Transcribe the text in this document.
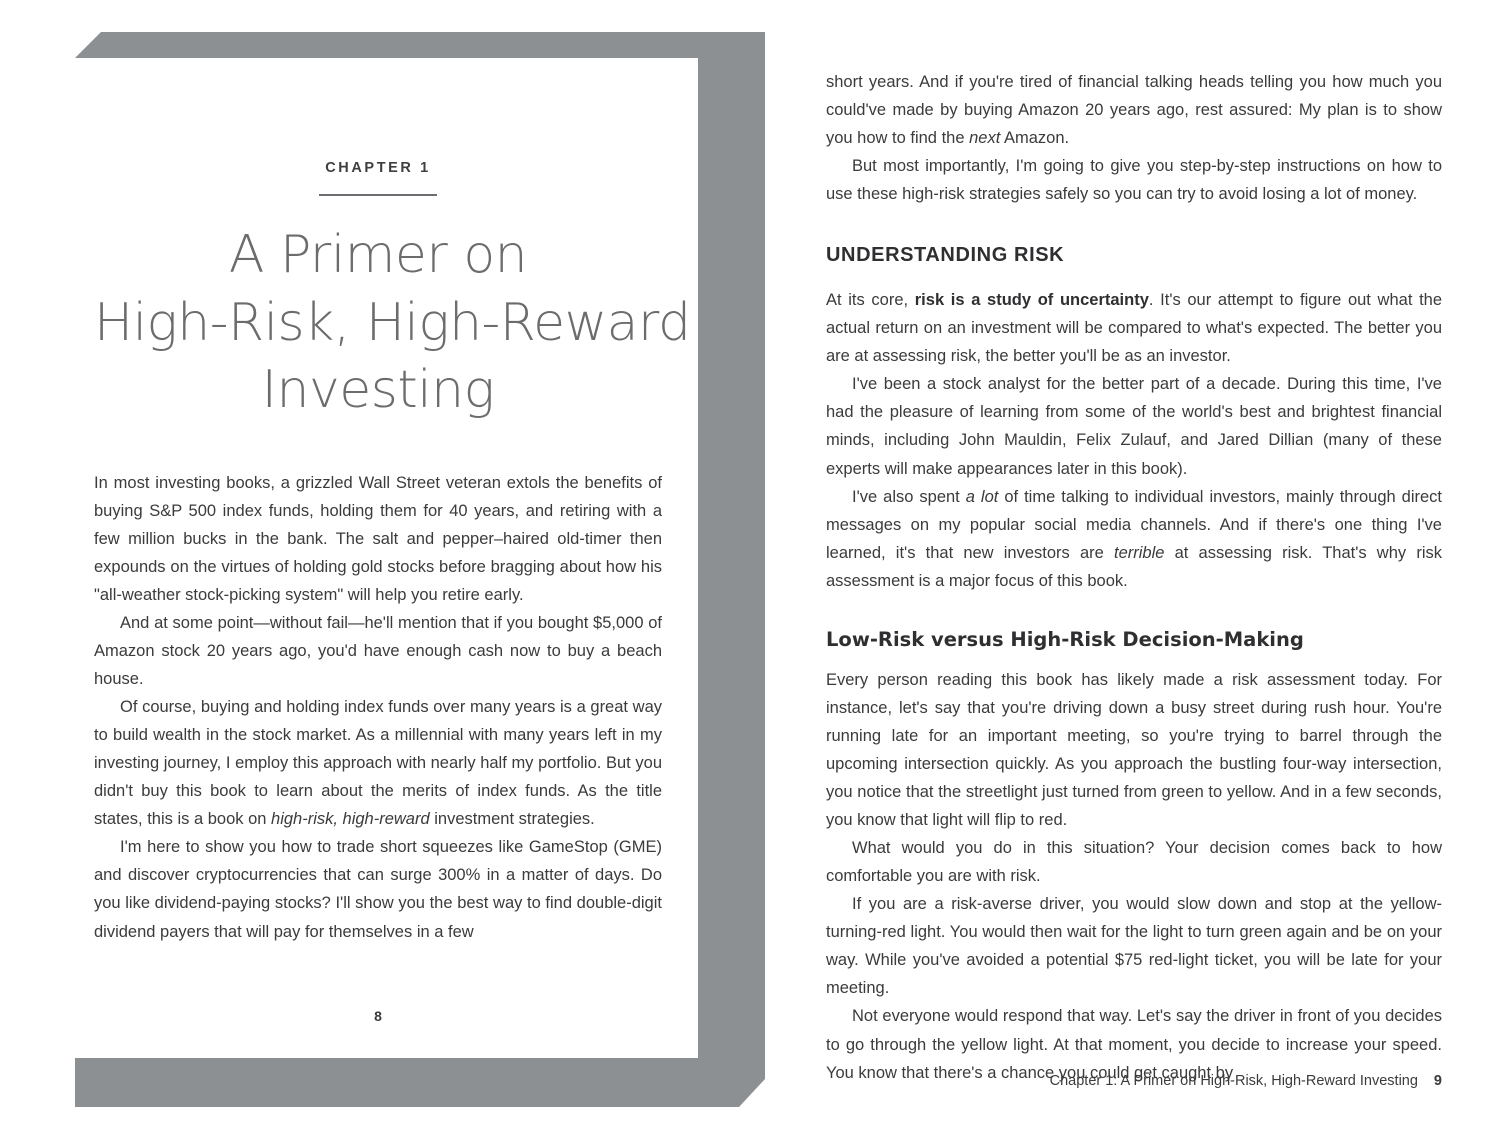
CHAPTER 1
A Primer on
High-Risk, High-Reward
Investing

In most investing books, a grizzled Wall Street veteran extols the benefits of buying S&P 500 index funds, holding them for 40 years, and retiring with a few million bucks in the bank. The salt and pepper–haired old-timer then expounds on the virtues of holding gold stocks before bragging about how his "all-weather stock-picking system" will help you retire early.

And at some point—without fail—he'll mention that if you bought $5,000 of Amazon stock 20 years ago, you'd have enough cash now to buy a beach house.

Of course, buying and holding index funds over many years is a great way to build wealth in the stock market. As a millennial with many years left in my investing journey, I employ this approach with nearly half my portfolio. But you didn't buy this book to learn about the merits of index funds. As the title states, this is a book on high-risk, high-reward investment strategies.

I'm here to show you how to trade short squeezes like GameStop (GME) and discover cryptocurrencies that can surge 300% in a matter of days. Do you like dividend-paying stocks? I'll show you the best way to find double-digit dividend payers that will pay for themselves in a few

8

short years. And if you're tired of financial talking heads telling you how much you could've made by buying Amazon 20 years ago, rest assured: My plan is to show you how to find the next Amazon.

But most importantly, I'm going to give you step-by-step instructions on how to use these high-risk strategies safely so you can try to avoid losing a lot of money.

UNDERSTANDING RISK

At its core, risk is a study of uncertainty. It's our attempt to figure out what the actual return on an investment will be compared to what's expected. The better you are at assessing risk, the better you'll be as an investor.

I've been a stock analyst for the better part of a decade. During this time, I've had the pleasure of learning from some of the world's best and brightest financial minds, including John Mauldin, Felix Zulauf, and Jared Dillian (many of these experts will make appearances later in this book).

I've also spent a lot of time talking to individual investors, mainly through direct messages on my popular social media channels. And if there's one thing I've learned, it's that new investors are terrible at assessing risk. That's why risk assessment is a major focus of this book.

Low-Risk versus High-Risk Decision-Making

Every person reading this book has likely made a risk assessment today. For instance, let's say that you're driving down a busy street during rush hour. You're running late for an important meeting, so you're trying to barrel through the upcoming intersection quickly. As you approach the bustling four-way intersection, you notice that the streetlight just turned from green to yellow. And in a few seconds, you know that light will flip to red.

What would you do in this situation? Your decision comes back to how comfortable you are with risk.

If you are a risk-averse driver, you would slow down and stop at the yellow-turning-red light. You would then wait for the light to turn green again and be on your way. While you've avoided a potential $75 red-light ticket, you will be late for your meeting.

Not everyone would respond that way. Let's say the driver in front of you decides to go through the yellow light. At that moment, you decide to increase your speed. You know that there's a chance you could get caught by

Chapter 1: A Primer on High-Risk, High-Reward Investing 9
